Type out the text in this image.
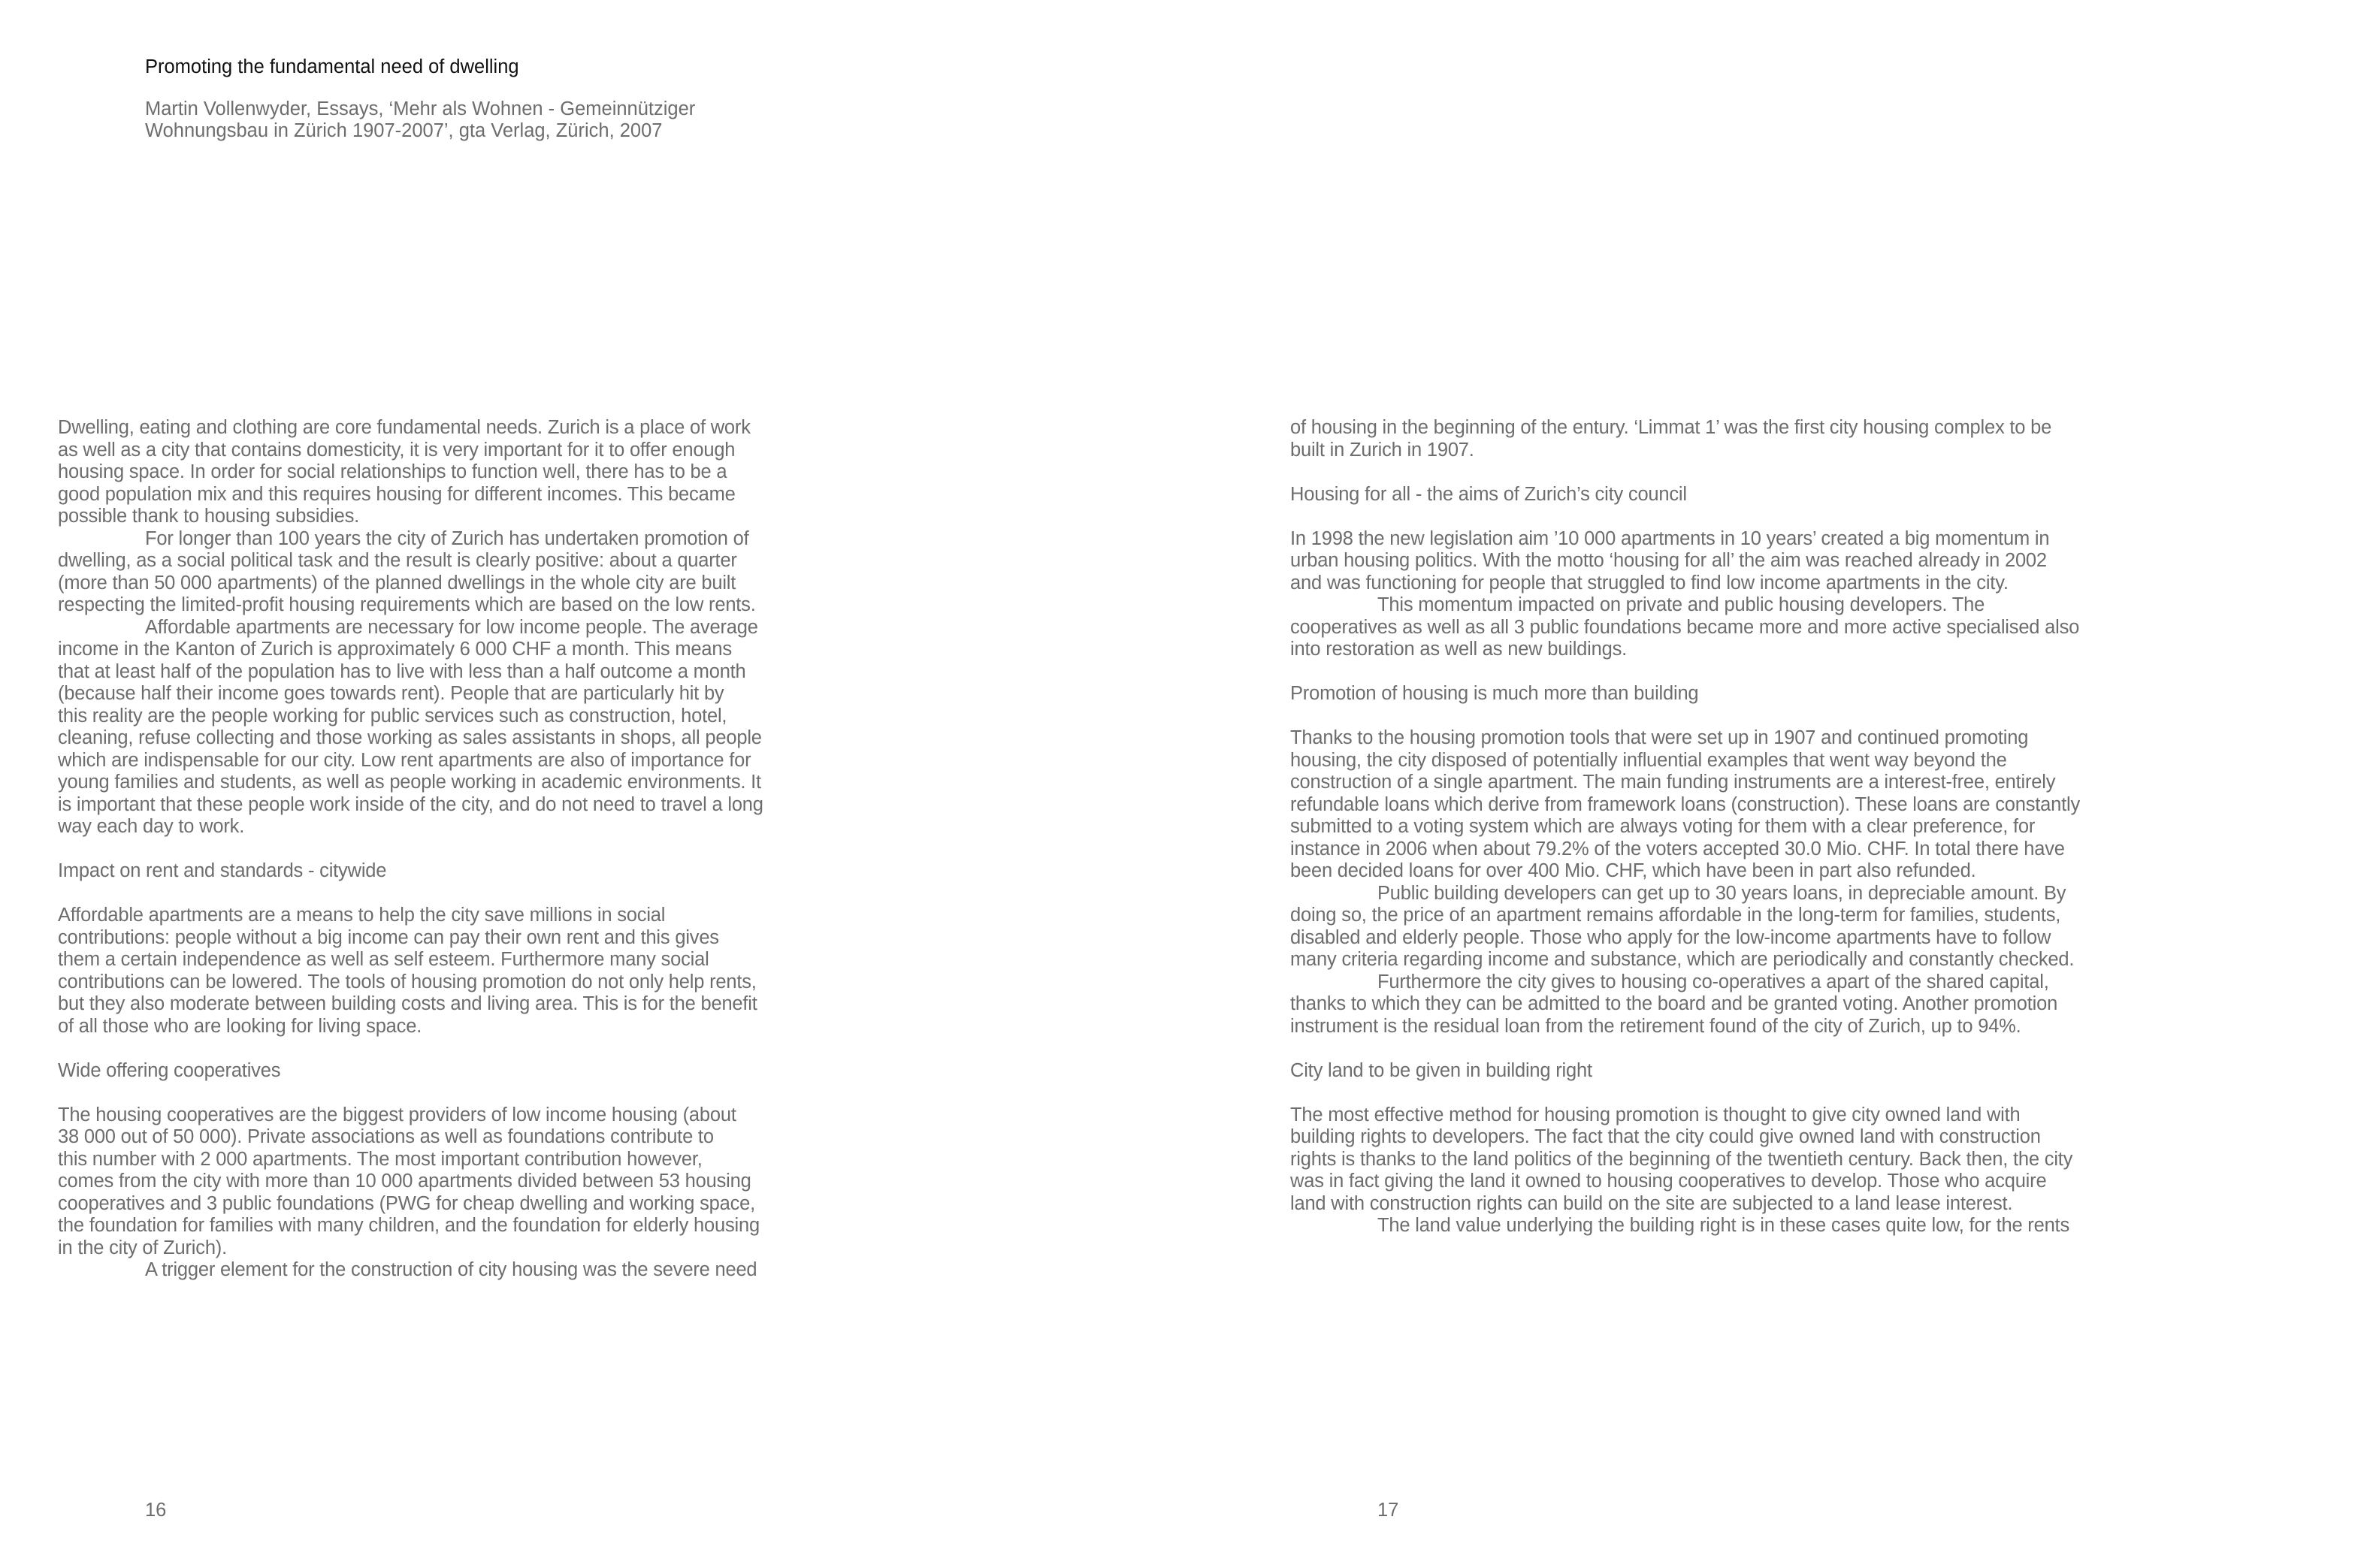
Promoting the fundamental need of dwelling
Martin Vollenwyder, Essays, ‘Mehr als Wohnen - Gemeinnütziger
Wohnungsbau in Zürich 1907-2007’, gta Verlag, Zürich, 2007

Dwelling, eating and clothing are core fundamental needs. Zurich is a place of work
as well as a city that contains domesticity, it is very important for it to offer enough
housing space. In order for social relationships to function well, there has to be a
good population mix and this requires housing for different incomes. This became
possible thank to housing subsidies.

For longer than 100 years the city of Zurich has undertaken promotion of
dwelling, as a social political task and the result is clearly positive: about a quarter
(more than 50 000 apartments) of the planned dwellings in the whole city are built
respecting the limited-profit housing requirements which are based on the low rents.

Affordable apartments are necessary for low income people. The average
income in the Kanton of Zurich is approximately 6 000 CHF a month. This means
that at least half of the population has to live with less than a half outcome a month
(because half their income goes towards rent). People that are particularly hit by
this reality are the people working for public services such as construction, hotel,
cleaning, refuse collecting and those working as sales assistants in shops, all people
which are indispensable for our city. Low rent apartments are also of importance for
young families and students, as well as people working in academic environments. It
is important that these people work inside of the city, and do not need to travel a long
way each day to work.

Impact on rent and standards - citywide

Affordable apartments are a means to help the city save millions in social
contributions: people without a big income can pay their own rent and this gives
them a certain independence as well as self esteem. Furthermore many social
contributions can be lowered. The tools of housing promotion do not only help rents,
but they also moderate between building costs and living area. This is for the benefit
of all those who are looking for living space.

Wide offering cooperatives

The housing cooperatives are the biggest providers of low income housing (about
38 000 out of 50 000). Private associations as well as foundations contribute to
this number with 2 000 apartments. The most important contribution however,
comes from the city with more than 10 000 apartments divided between 53 housing
cooperatives and 3 public foundations (PWG for cheap dwelling and working space,
the foundation for families with many children, and the foundation for elderly housing
in the city of Zurich).

A trigger element for the construction of city housing was the severe need

of housing in the beginning of the entury. ‘Limmat 1’ was the first city housing complex to be
built in Zurich in 1907.

Housing for all - the aims of Zurich’s city council

In 1998 the new legislation aim ’10 000 apartments in 10 years’ created a big momentum in
urban housing politics. With the motto ‘housing for all’ the aim was reached already in 2002
and was functioning for people that struggled to find low income apartments in the city.

This momentum impacted on private and public housing developers. The
cooperatives as well as all 3 public foundations became more and more active specialised also
into restoration as well as new buildings.

Promotion of housing is much more than building

Thanks to the housing promotion tools that were set up in 1907 and continued promoting
housing, the city disposed of potentially influential examples that went way beyond the
construction of a single apartment. The main funding instruments are a interest-free, entirely
refundable loans which derive from framework loans (construction). These loans are constantly
submitted to a voting system which are always voting for them with a clear preference, for
instance in 2006 when about 79.2% of the voters accepted 30.0 Mio. CHF. In total there have
been decided loans for over 400 Mio. CHF, which have been in part also refunded.

Public building developers can get up to 30 years loans, in depreciable amount. By
doing so, the price of an apartment remains affordable in the long-term for families, students,
disabled and elderly people. Those who apply for the low-income apartments have to follow
many criteria regarding income and substance, which are periodically and constantly checked.

Furthermore the city gives to housing co-operatives a apart of the shared capital,
thanks to which they can be admitted to the board and be granted voting. Another promotion
instrument is the residual loan from the retirement found of the city of Zurich, up to 94%.

City land to be given in building right

The most effective method for housing promotion is thought to give city owned land with
building rights to developers. The fact that the city could give owned land with construction
rights is thanks to the land politics of the beginning of the twentieth century. Back then, the city
was in fact giving the land it owned to housing cooperatives to develop. Those who acquire
land with construction rights can build on the site are subjected to a land lease interest.

The land value underlying the building right is in these cases quite low, for the rents

16	17
